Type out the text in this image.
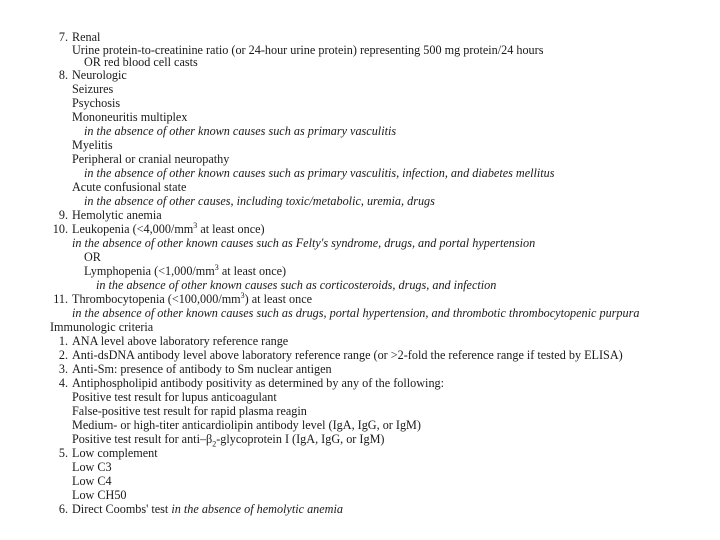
7. Renal
Urine protein-to-creatinine ratio (or 24-hour urine protein) representing 500 mg protein/24 hours
OR red blood cell casts
8. Neurologic
Seizures
Psychosis
Mononeuritis multiplex
in the absence of other known causes such as primary vasculitis
Myelitis
Peripheral or cranial neuropathy
in the absence of other known causes such as primary vasculitis, infection, and diabetes mellitus
Acute confusional state
in the absence of other causes, including toxic/metabolic, uremia, drugs
9. Hemolytic anemia
10. Leukopenia ($<4,000/mm^3$ at least once)
in the absence of other known causes such as Felty's syndrome, drugs, and portal hypertension
OR
Lymphopenia ($<1,000/mm^3$ at least once)
in the absence of other known causes such as corticosteroids, drugs, and infection
11. Thrombocytopenia $(<100,000/mm^3)$ at least once
in the absence of other known causes such as drugs, portal hypertension, and thrombotic thrombocytopenic purpura
Immunologic criteria
1. ANA level above laboratory reference range
2. Anti-dsDNA antibody level above laboratory reference range (or >2-fold the reference range if tested by ELISA)
3. Anti-Sm: presence of antibody to Sm nuclear antigen
4. Antiphospholipid antibody positivity as determined by any of the following:
Positive test result for lupus anticoagulant
False-positive test result for rapid plasma reagin
Medium- or high-titer anticardiolipin antibody level (IgA, IgG, or IgM)
Positive test result for anti–$\beta_2$-glycoprotein I (IgA, IgG, or IgM)
5. Low complement
Low C3
Low C4
Low CH50
6. Direct Coombs' test in the absence of hemolytic anemia
